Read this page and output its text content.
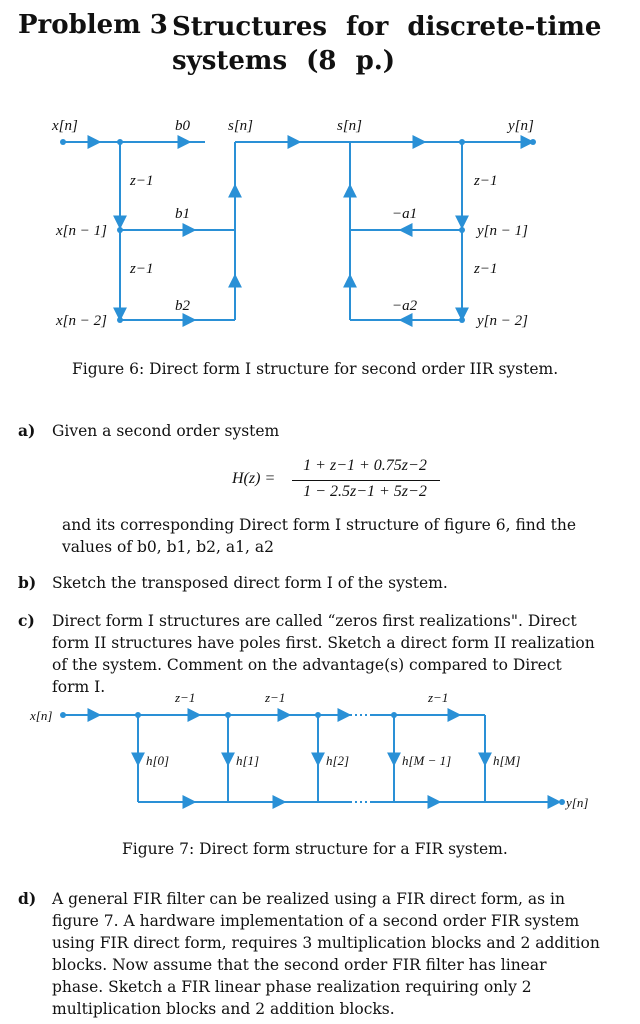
Problem 3 Structures for discrete-time systems (8 p.)
x[n]	y[n]
b0	s[n]	s[n]
z−1
z−1
z−1
z−1
b1
b2
−a1
−a2
x[n − 1]
x[n − 2]
y[n − 1]
y[n − 2]
Figure 6: Direct form I structure for second order IIR system.
a) Given a second order system
H(z) =
1 + z−1 + 0.75z−2
1 − 2.5z−1 + 5z−2
and its corresponding Direct form I structure of figure 6, find the values of b0, b1, b2, a1, a2
b) Sketch the transposed direct form I of the system.
c) Direct form I structures are called “zeros first realizations". Direct form II structures have poles first. Sketch a direct form II realization of the system. Comment on the advantage(s) compared to Direct form I.
x[n]
y[n]
z−1	z−1	z−1
h[0]	h[1]	h[2]	h[M − 1]	h[M]
Figure 7: Direct form structure for a FIR system.
d) A general FIR filter can be realized using a FIR direct form, as in figure 7. A hardware implementation of a second order FIR system using FIR direct form, requires 3 multiplication blocks and 2 addition blocks. Now assume that the second order FIR filter has linear phase. Sketch a FIR linear phase realization requiring only 2 multiplication blocks and 2 addition blocks.
